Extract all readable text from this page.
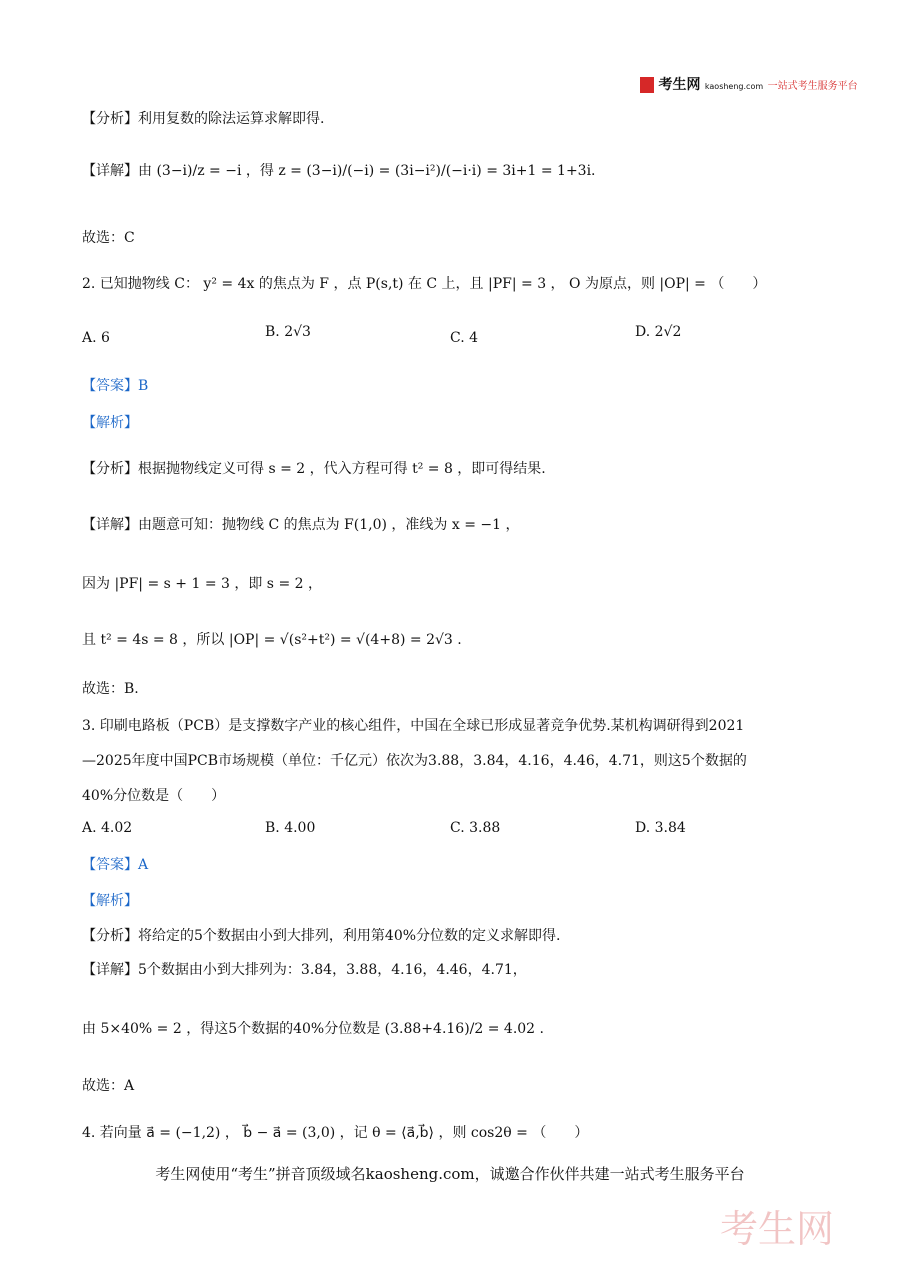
考生网 kaosheng.com 一站式考生服务平台
【分析】利用复数的除法运算求解即得.
【详解】由 (3−i)/z = −i ，得 z = (3−i)/(−i) = (3i−i²)/(−i·i) = 3i+1 = 1+3i.
故选：C
2. 已知抛物线 C： y² = 4x 的焦点为 F ，点 P(s,t) 在 C 上，且 |PF| = 3 ， O 为原点，则 |OP| = （　　）
A. 6	B. 2√3	C. 4	D. 2√2
【答案】B
【解析】
【分析】根据抛物线定义可得 s = 2 ，代入方程可得 t² = 8 ，即可得结果.
【详解】由题意可知：抛物线 C 的焦点为 F(1,0) ，准线为 x = −1 ，
因为 |PF| = s + 1 = 3 ，即 s = 2 ，
且 t² = 4s = 8 ，所以 |OP| = √(s²+t²) = √(4+8) = 2√3 .
故选：B.
3. 印刷电路板（PCB）是支撑数字产业的核心组件，中国在全球已形成显著竞争优势.某机构调研得到2021
—2025年度中国PCB市场规模（单位：千亿元）依次为3.88，3.84，4.16，4.46，4.71，则这5个数据的
40%分位数是（　　）
A. 4.02	B. 4.00	C. 3.88	D. 3.84
【答案】A
【解析】
【分析】将给定的5个数据由小到大排列，利用第40%分位数的定义求解即得.
【详解】5个数据由小到大排列为：3.84，3.88，4.16，4.46，4.71，
由 5×40% = 2 ，得这5个数据的40%分位数是 (3.88+4.16)/2 = 4.02 .
故选：A
4. 若向量 a⃗ = (−1,2) ， b⃗ − a⃗ = (3,0) ，记 θ = ⟨a⃗,b⃗⟩ ，则 cos2θ = （　　）
考生网使用“考生”拼音顶级域名kaosheng.com，诚邀合作伙伴共建一站式考生服务平台
考生网
